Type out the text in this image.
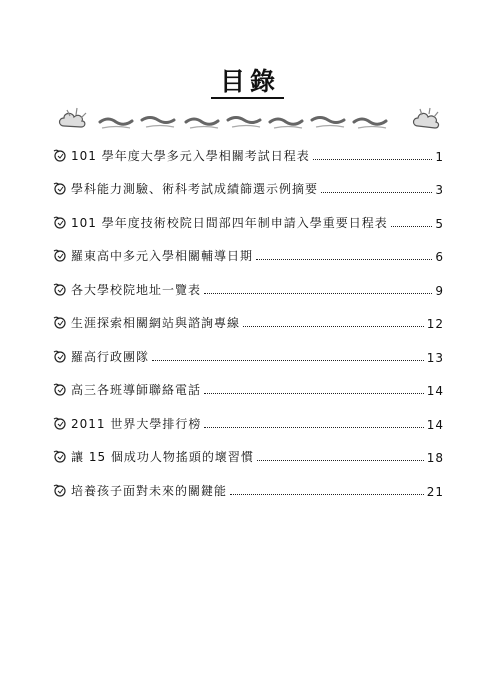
目錄
101 學年度大學多元入學相關考試日程表	1
學科能力測驗、術科考試成績篩選示例摘要	3
101 學年度技術校院日間部四年制申請入學重要日程表	5
羅東高中多元入學相關輔導日期	6
各大學校院地址一覽表	9
生涯探索相關網站與諮詢專線	12
羅高行政團隊	13
高三各班導師聯絡電話	14
2011 世界大學排行榜	14
讓 15 個成功人物搖頭的壞習慣	18
培養孩子面對未來的關鍵能	21
